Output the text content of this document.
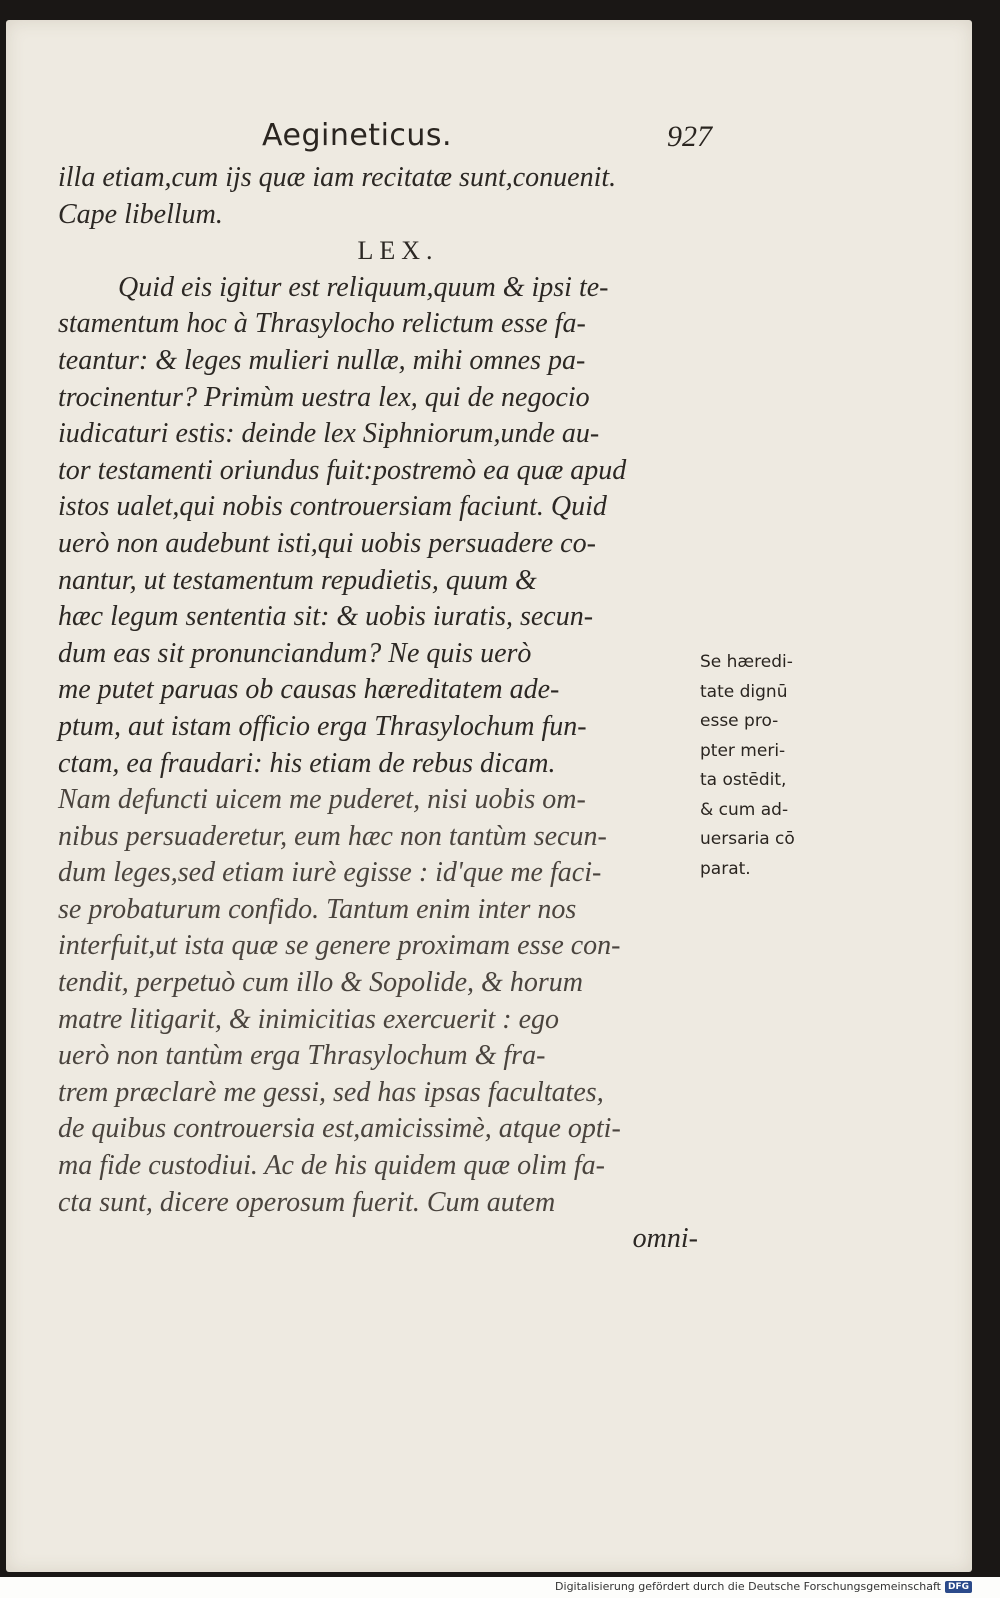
Aegineticus.	927
illa etiam,cum ijs quæ iam recitatæ sunt,conuenit.
Cape libellum.
LEX.
Quid eis igitur est reliquum,quum & ipsi te-
stamentum hoc à Thrasylocho relictum esse fa-
teantur: & leges mulieri nullæ, mihi omnes pa-
trocinentur? Primùm uestra lex, qui de negocio
iudicaturi estis: deinde lex Siphniorum,unde au-
tor testamenti oriundus fuit:postremò ea quæ apud
istos ualet,qui nobis controuersiam faciunt. Quid
uerò non audebunt isti,qui uobis persuadere co-
nantur, ut testamentum repudietis, quum &
hæc legum sententia sit: & uobis iuratis, secun-
dum eas sit pronunciandum? Ne quis uerò
me putet paruas ob causas hæreditatem ade-
ptum, aut istam officio erga Thrasylochum fun-
ctam, ea fraudari: his etiam de rebus dicam.
Nam defuncti uicem me puderet, nisi uobis om-
nibus persuaderetur, eum hæc non tantùm secun-
dum leges,sed etiam iurè egisse : id'que me faci-
se probaturum confido. Tantum enim inter nos
interfuit,ut ista quæ se genere proximam esse con-
tendit, perpetuò cum illo & Sopolide, & horum
matre litigarit, & inimicitias exercuerit : ego
uerò non tantùm erga Thrasylochum & fra-
trem præclarè me gessi, sed has ipsas facultates,
de quibus controuersia est,amicissimè, atque opti-
ma fide custodiui. Ac de his quidem quæ olim fa-
cta sunt, dicere operosum fuerit. Cum autem
omni-
Se hæredi-
tate dignū
esse pro-
pter meri-
ta ostēdit,
& cum ad-
uersaria cō
parat.
Digitalisierung gefördert durch die Deutsche Forschungsgemeinschaft DFG
